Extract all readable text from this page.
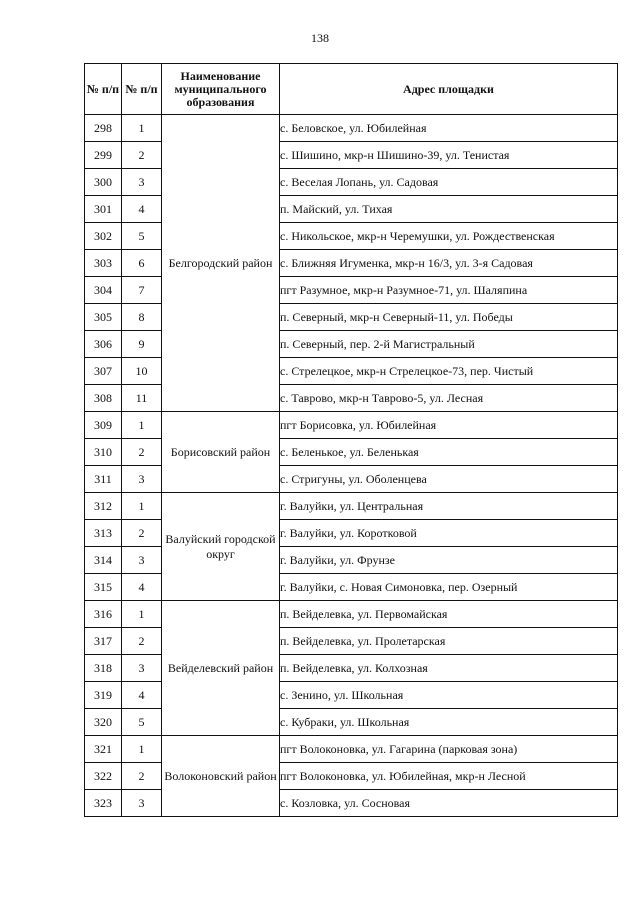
138
№ п/п	№ п/п	Наименование муниципального образования	Адрес площадки
298	1	Белгородский район	с. Беловское, ул. Юбилейная
299	2		с. Шишино, мкр-н Шишино-39, ул. Тенистая
300	3		с. Веселая Лопань, ул. Садовая
301	4		п. Майский, ул. Тихая
302	5		с. Никольское, мкр-н Черемушки, ул. Рождественская
303	6		с. Ближняя Игуменка, мкр-н 16/3, ул. 3-я Садовая
304	7		пгт Разумное, мкр-н Разумное-71, ул. Шаляпина
305	8		п. Северный, мкр-н Северный-11, ул. Победы
306	9		п. Северный, пер. 2-й Магистральный
307	10		с. Стрелецкое, мкр-н Стрелецкое-73, пер. Чистый
308	11		с. Таврово, мкр-н Таврово-5, ул. Лесная
309	1	Борисовский район	пгт Борисовка, ул. Юбилейная
310	2		с. Беленькое, ул. Беленькая
311	3		с. Стригуны, ул. Оболенцева
312	1	Валуйский городской округ	г. Валуйки, ул. Центральная
313	2		г. Валуйки, ул. Коротковой
314	3		г. Валуйки, ул. Фрунзе
315	4		г. Валуйки, с. Новая Симоновка, пер. Озерный
316	1	Вейделевский район	п. Вейделевка, ул. Первомайская
317	2		п. Вейделевка, ул. Пролетарская
318	3		п. Вейделевка, ул. Колхозная
319	4		с. Зенино, ул. Школьная
320	5		с. Кубраки, ул. Школьная
321	1	Волоконовский район	пгт Волоконовка, ул. Гагарина (парковая зона)
322	2		пгт Волоконовка, ул. Юбилейная, мкр-н Лесной
323	3		с. Козловка, ул. Сосновая
